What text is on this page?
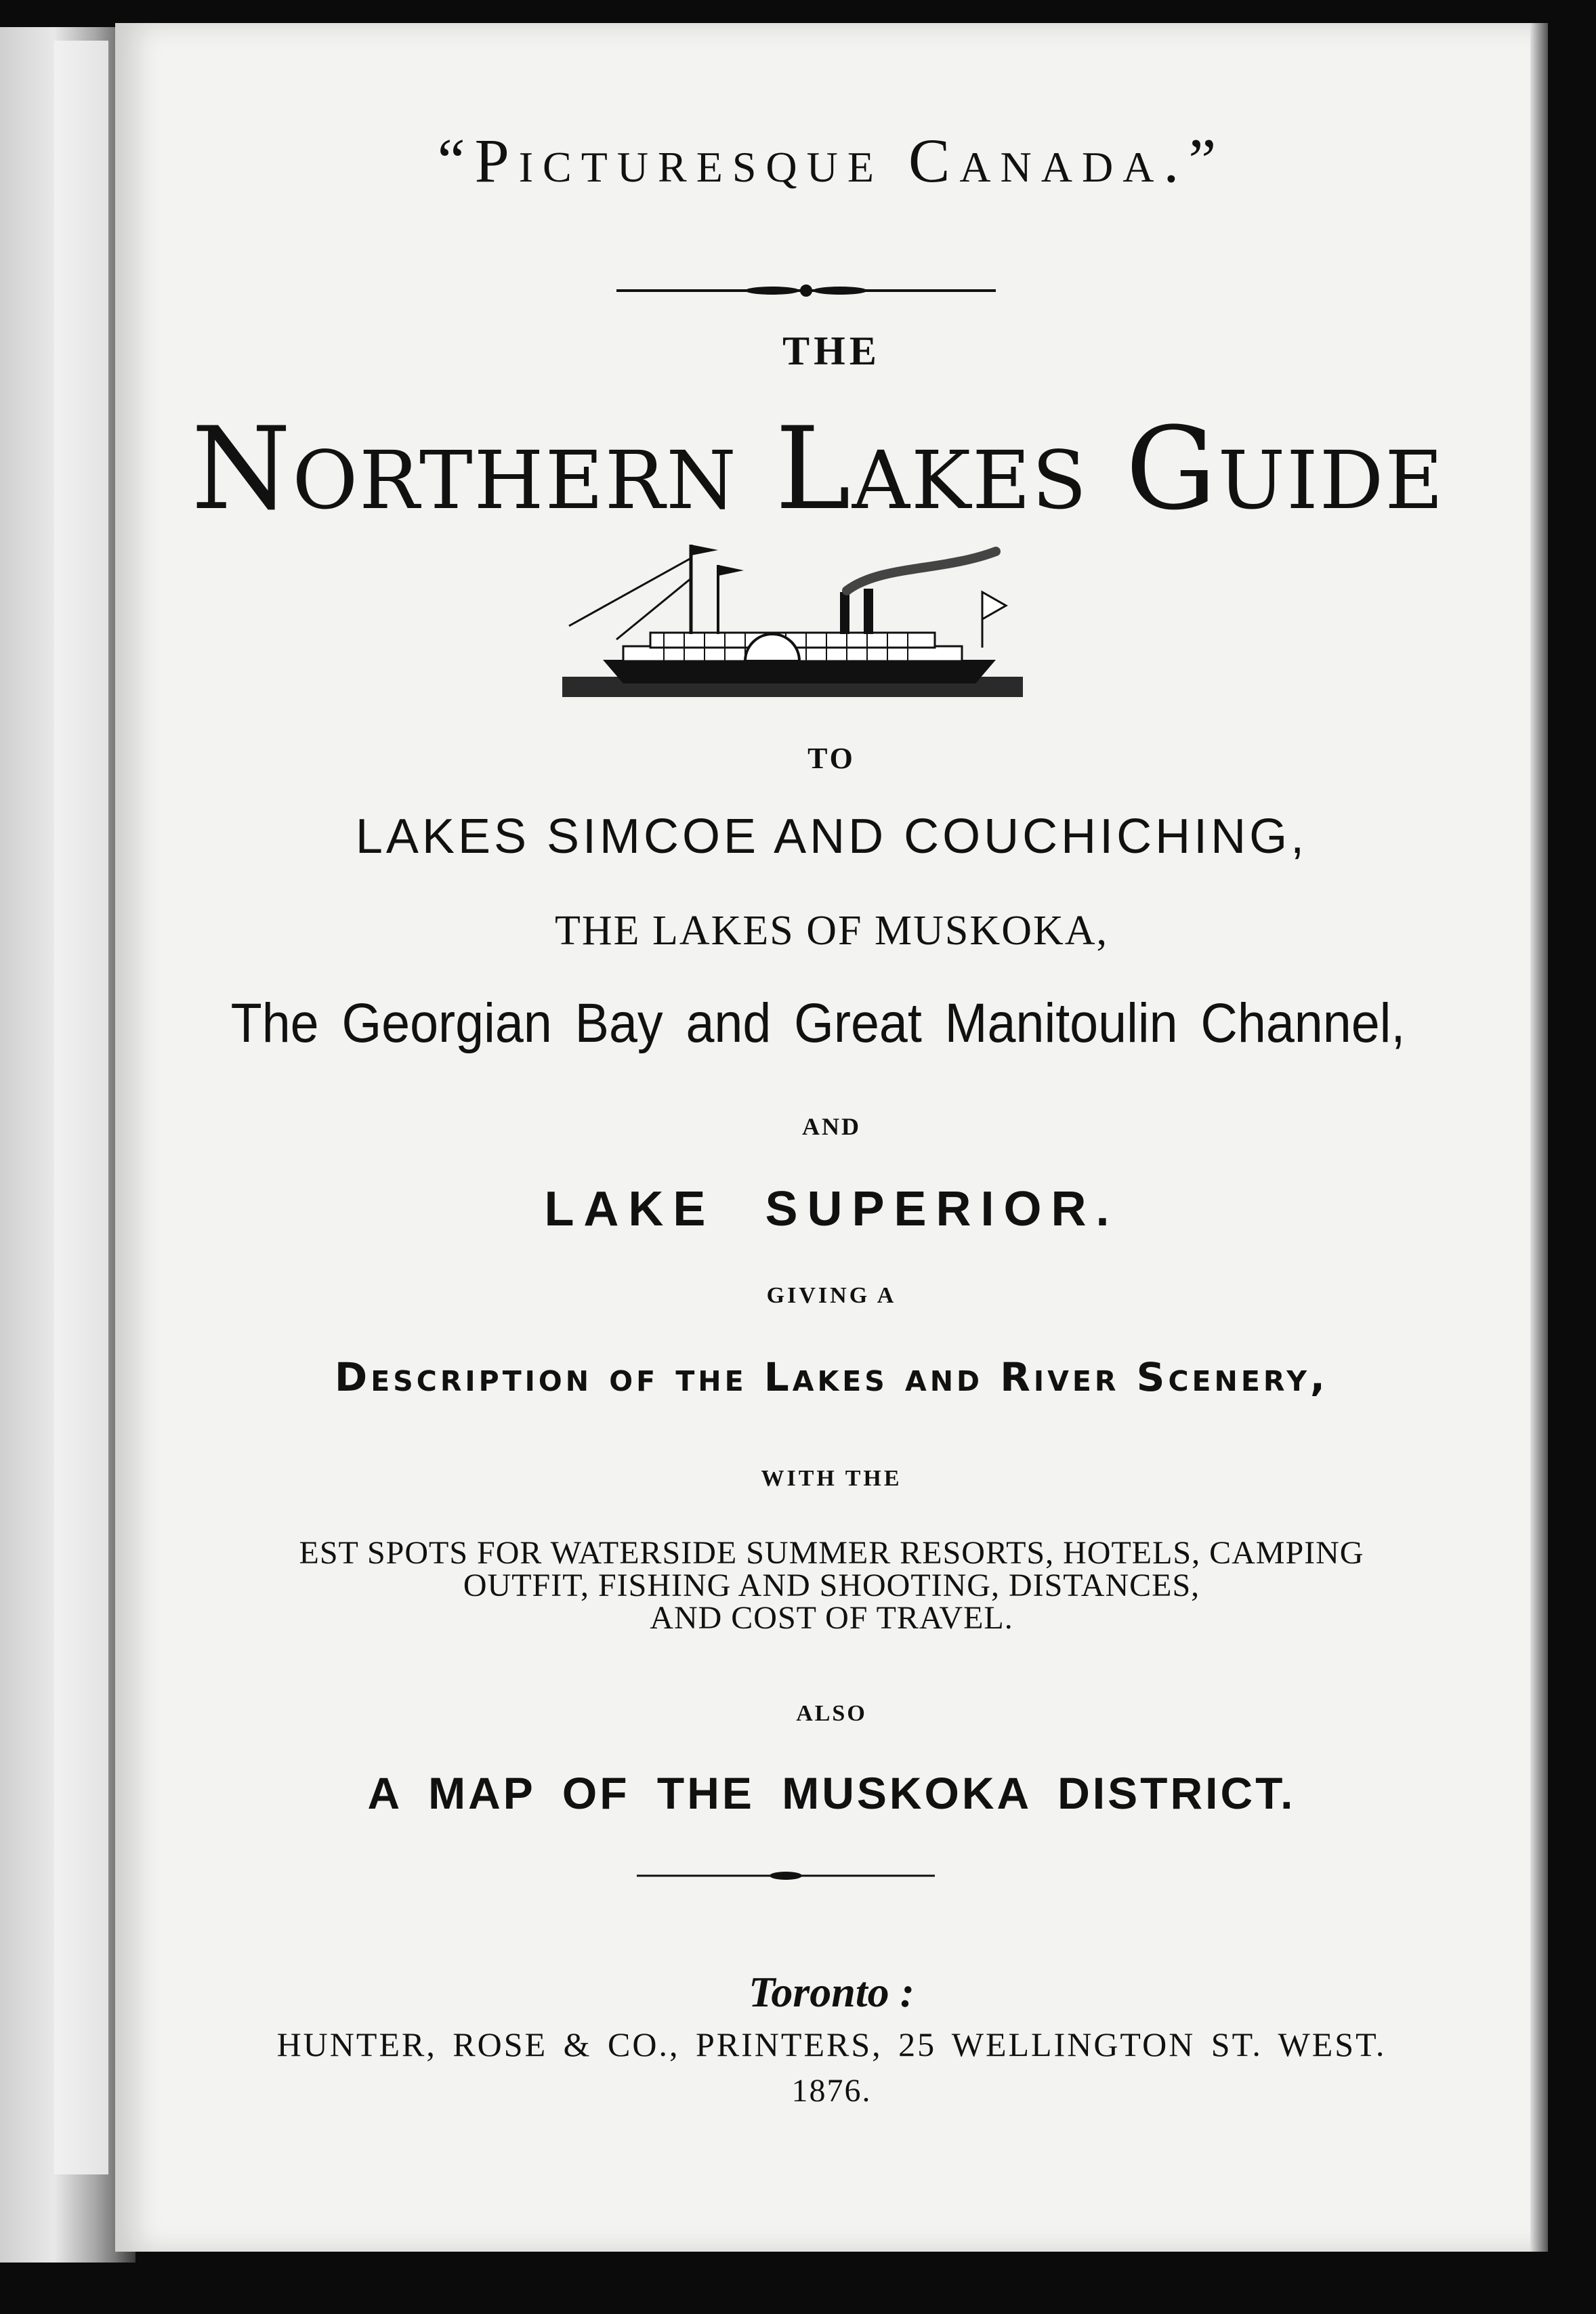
“Picturesque Canada.”
THE
Northern Lakes Guide
TO
LAKES SIMCOE AND COUCHICHING,
THE LAKES OF MUSKOKA,
The Georgian Bay and Great Manitoulin Channel,
AND
LAKE SUPERIOR.
GIVING A
Description of the Lakes and River Scenery,
WITH THE
EST SPOTS FOR WATERSIDE SUMMER RESORTS, HOTELS, CAMPING
OUTFIT, FISHING AND SHOOTING, DISTANCES,
AND COST OF TRAVEL.
ALSO
A MAP OF THE MUSKOKA DISTRICT.
Toronto :
HUNTER, ROSE & CO., PRINTERS, 25 WELLINGTON ST. WEST.
1876.
